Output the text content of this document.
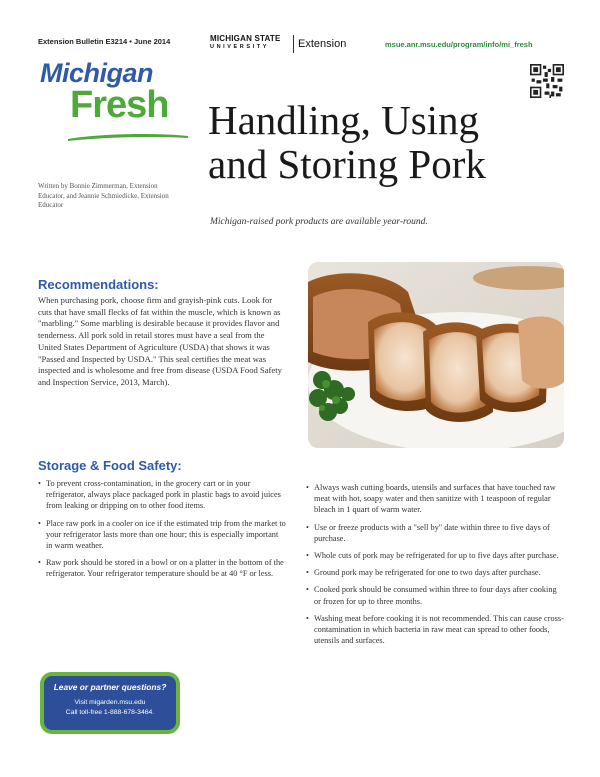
Extension Bulletin E3214 • June 2014	MICHIGAN STATE
UNIVERSITY	Extension	msue.anr.msu.edu/program/info/mi_fresh
Michigan
Fresh Handling, Using
and Storing Pork
Michigan-raised pork products are available year-round.
Written by Bonnie Zimmerman, Extension Educator, and Jeannie Schmiedicke, Extension Educator
Recommendations:
When purchasing pork, choose firm and grayish-pink cuts. Look for cuts that have small flecks of fat within the muscle, which is known as "marbling." Some marbling is desirable because it provides flavor and tenderness. All pork sold in retail stores must have a seal from the United States Department of Agriculture (USDA) that shows it was "Passed and Inspected by USDA." This seal certifies the meat was inspected and is wholesome and free from disease (USDA Food Safety and Inspection Service, 2013, March).
Storage & Food Safety:
• To prevent cross-contamination, in the grocery cart or in your refrigerator, always place packaged pork in plastic bags to avoid juices from leaking or dripping on to other food items.
• Place raw pork in a cooler on ice if the estimated trip from the market to your refrigerator lasts more than one hour; this is especially important in warm weather.
• Raw pork should be stored in a bowl or on a platter in the bottom of the refrigerator. Your refrigerator temperature should be at 40 °F or less.
• Always wash cutting boards, utensils and surfaces that have touched raw meat with hot, soapy water and then sanitize with 1 teaspoon of regular bleach in 1 quart of warm water.
• Use or freeze products with a "sell by" date within three to five days of purchase.
• Whole cuts of pork may be refrigerated for up to five days after purchase.
• Ground pork may be refrigerated for one to two days after purchase.
• Cooked pork should be consumed within three to four days after cooking or frozen for up to three months.
• Washing meat before cooking it is not recommended. This can cause cross-contamination in which bacteria in raw meat can spread to other foods, utensils and surfaces.
Leave or partner questions?
Visit migarden.msu.edu
Call toll-free 1-888-678-3464.
